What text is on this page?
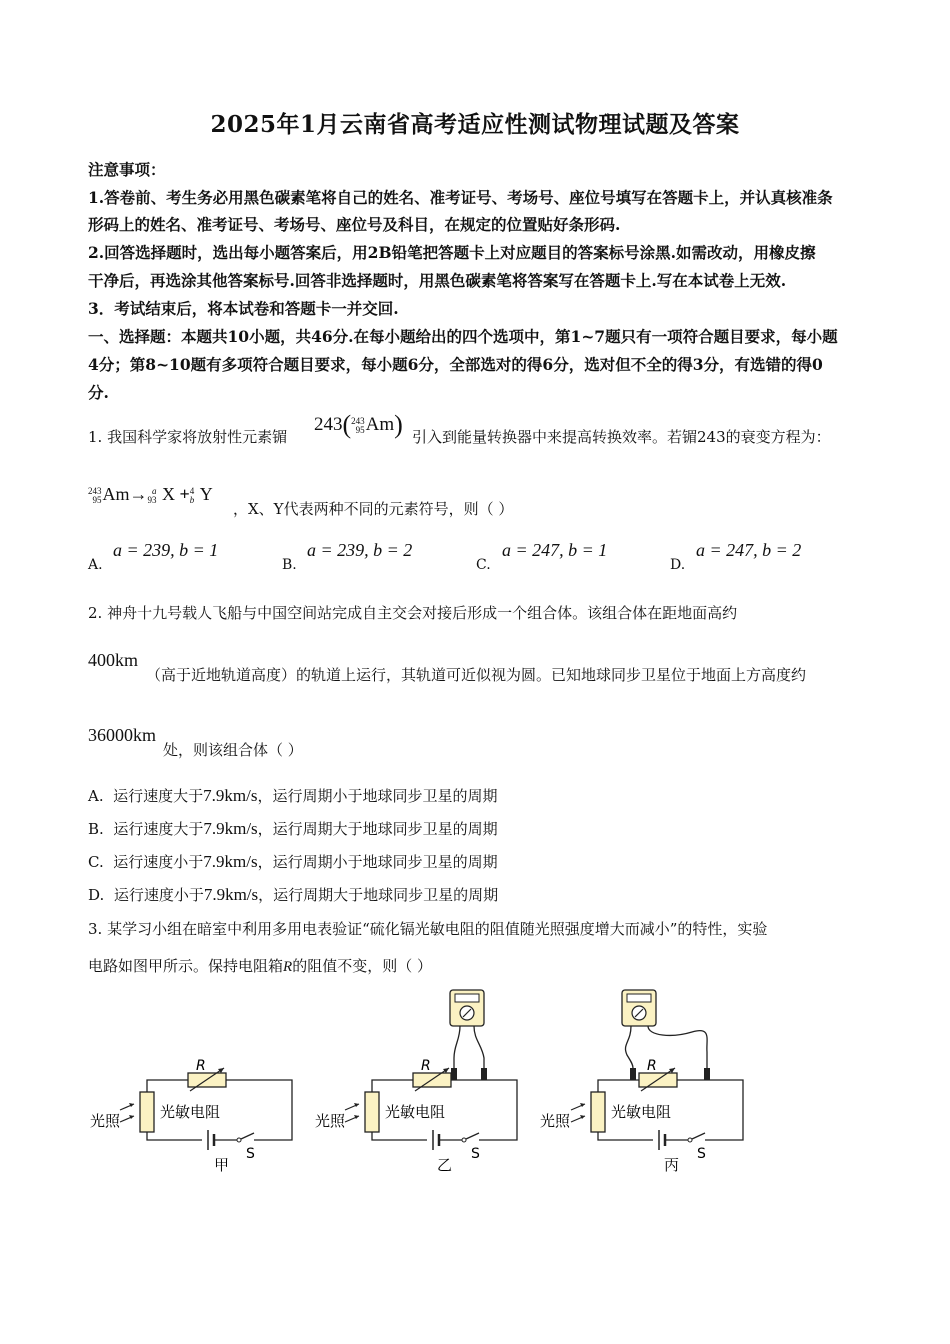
2025年1月云南省高考适应性测试物理试题及答案
注意事项：
1.答卷前、考生务必用黑色碳素笔将自己的姓名、准考证号、考场号、座位号填写在答题卡上，并认真核准条
形码上的姓名、准考证号、考场号、座位号及科目，在规定的位置贴好条形码.
2.回答选择题时，选出每小题答案后，用2B铅笔把答题卡上对应题目的答案标号涂黑.如需改动，用橡皮擦
干净后，再选涂其他答案标号.回答非选择题时，用黑色碳素笔将答案写在答题卡上.写在本试卷上无效.
3．考试结束后，将本试卷和答题卡一并交回.
一、选择题：本题共10小题，共46分.在每小题给出的四个选项中，第1~7题只有一项符合题目要求，每小题
4分；第8~10题有多项符合题目要求，每小题6分，全部选对的得6分，选对但不全的得3分，有选错的得0
分.
1. 我国科学家将放射性元素镅
243(243
95Am) 引入到能量转换器中来提高转换效率。若镅243的衰变方程为：
243
95Am→ a
93 X +4
b Y
，X、Y代表两种不同的元素符号，则（ ）
A.
a = 239, b = 1
B.
a = 239, b = 2
C.
a = 247, b = 1
D.
a = 247, b = 2
2. 神舟十九号载人飞船与中国空间站完成自主交会对接后形成一个组合体。该组合体在距地面高约
400km
（高于近地轨道高度）的轨道上运行，其轨道可近似视为圆。已知地球同步卫星位于地面上方高度约
36000km
处，则该组合体（ ）
A. 运行速度大于7.9km/s，运行周期小于地球同步卫星的周期
B. 运行速度大于7.9km/s，运行周期大于地球同步卫星的周期
C. 运行速度小于7.9km/s，运行周期小于地球同步卫星的周期
D. 运行速度小于7.9km/s，运行周期大于地球同步卫星的周期
3. 某学习小组在暗室中利用多用电表验证“硫化镉光敏电阻的阻值随光照强度增大而减小”的特性，实验
电路如图甲所示。保持电阻箱R的阻值不变，则（ ）
R
光照	光敏电阻
S
甲
R
光照	光敏电阻
S
乙
R
光照	光敏电阻
S
丙
